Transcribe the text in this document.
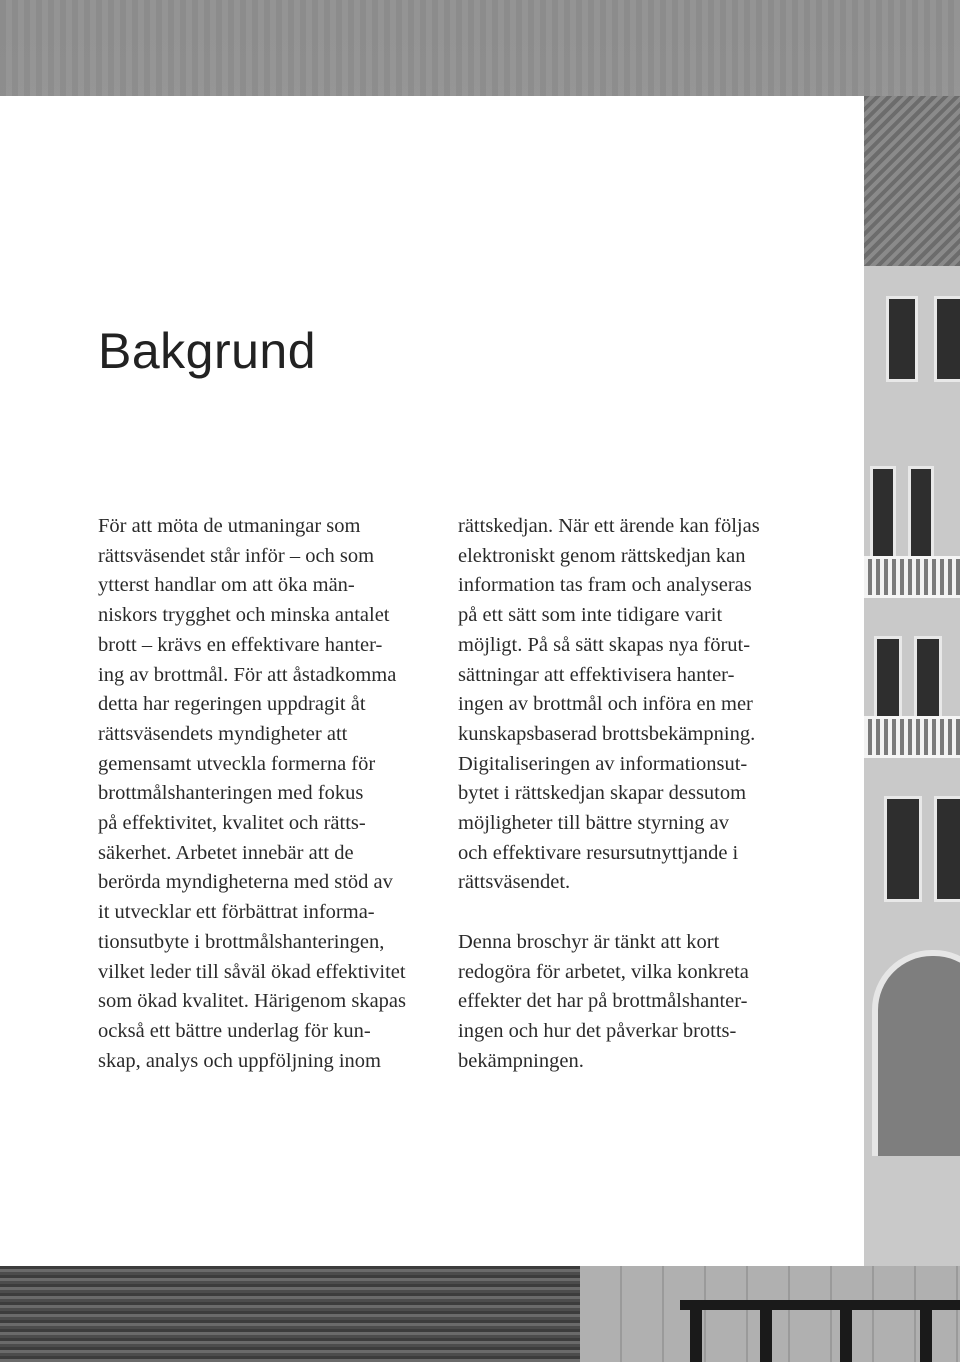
Bakgrund

För att möta de utmaningar som
rättsväsendet står inför – och som
ytterst handlar om att öka män-
niskors trygghet och minska antalet
brott – krävs en effektivare hanter-
ing av brottmål. För att åstadkomma
detta har regeringen uppdragit åt
rättsväsendets myndigheter att
gemensamt utveckla formerna för
brottmålshanteringen med fokus
på effektivitet, kvalitet och rätts-
säkerhet. Arbetet innebär att de
berörda myndigheterna med stöd av
it utvecklar ett förbättrat informa-
tionsutbyte i brottmålshanteringen,
vilket leder till såväl ökad effektivitet
som ökad kvalitet. Härigenom skapas
också ett bättre underlag för kun-
skap, analys och uppföljning inom

rättskedjan. När ett ärende kan följas
elektroniskt genom rättskedjan kan
information tas fram och analyseras
på ett sätt som inte tidigare varit
möjligt. På så sätt skapas nya förut-
sättningar att effektivisera hanter-
ingen av brottmål och införa en mer
kunskapsbaserad brottsbekämpning.
Digitaliseringen av informationsut-
bytet i rättskedjan skapar dessutom
möjligheter till bättre styrning av
och effektivare resursutnyttjande i
rättsväsendet.

Denna broschyr är tänkt att kort
redogöra för arbetet, vilka konkreta
effekter det har på brottmålshanter-
ingen och hur det påverkar brotts-
bekämpningen.
